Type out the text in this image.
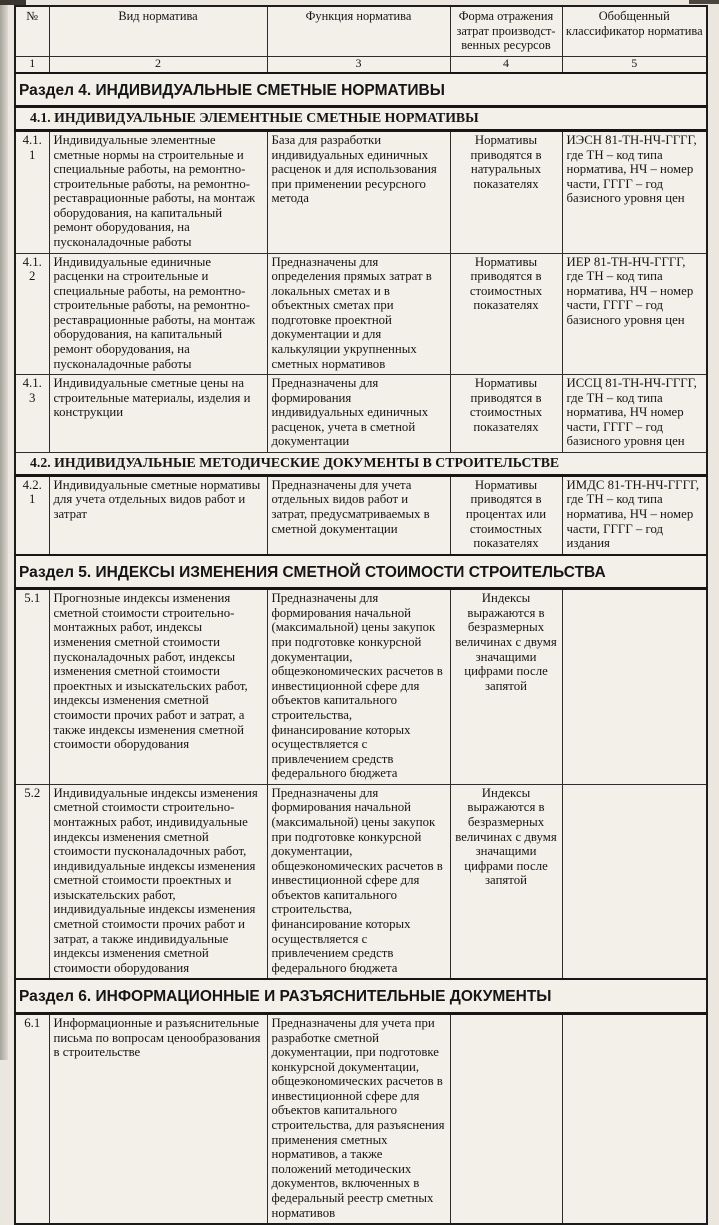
№	Вид норматива	Функция норматива	Форма отражения затрат производст-венных ресурсов	Обобщенный классификатор норматива
1	2	3	4	5
Раздел 4. ИНДИВИДУАЛЬНЫЕ СМЕТНЫЕ НОРМАТИВЫ				
4.1. ИНДИВИДУАЛЬНЫЕ ЭЛЕМЕНТНЫЕ СМЕТНЫЕ НОРМАТИВЫ				
4.1.1	Индивидуальные элементные сметные нормы на строительные и специальные работы, на ремонтно-строительные работы, на ремонтно-реставрационные работы, на монтаж оборудования, на капитальный ремонт оборудования, на пусконаладочные работы	База для разработки индивидуальных единичных расценок и для использования при применении ресурсного метода	Нормативы приводятся в натуральных показателях	ИЭСН 81-ТН-НЧ-ГГГГ, где ТН – код типа норматива, НЧ – номер части, ГГГГ – год базисного уровня цен
4.1.2	Индивидуальные единичные расценки на строительные и специальные работы, на ремонтно-строительные работы, на ремонтно-реставрационные работы, на монтаж оборудования, на капитальный ремонт оборудования, на пусконаладочные работы	Предназначены для определения прямых затрат в локальных сметах и в объектных сметах при подготовке проектной документации и для калькуляции укрупненных сметных нормативов	Нормативы приводятся в стоимостных показателях	ИЕР 81-ТН-НЧ-ГГГГ, где ТН – код типа норматива, НЧ – номер части, ГГГГ – год базисного уровня цен
4.1.3	Индивидуальные сметные цены на строительные материалы, изделия и конструкции	Предназначены для формирования индивидуальных единичных расценок, учета в сметной документации	Нормативы приводятся в стоимостных показателях	ИССЦ 81-ТН-НЧ-ГГГГ, где ТН – код типа норматива, НЧ номер части, ГГГГ – год базисного уровня цен
4.2. ИНДИВИДУАЛЬНЫЕ МЕТОДИЧЕСКИЕ ДОКУМЕНТЫ В СТРОИТЕЛЬСТВЕ				
4.2.1	Индивидуальные сметные нормативы для учета отдельных видов работ и затрат	Предназначены для учета отдельных видов работ и затрат, предусматриваемых в сметной документации	Нормативы приводятся в процентах или стоимостных показателях	ИМДС 81-ТН-НЧ-ГГГГ, где ТН – код типа норматива, НЧ – номер части, ГГГГ – год издания
Раздел 5. ИНДЕКСЫ ИЗМЕНЕНИЯ СМЕТНОЙ СТОИМОСТИ СТРОИТЕЛЬСТВА				
5.1	Прогнозные индексы изменения сметной стоимости строительно-монтажных работ, индексы изменения сметной стоимости пусконаладочных работ, индексы изменения сметной стоимости проектных и изыскательских работ, индексы изменения сметной стоимости прочих работ и затрат, а также индексы изменения сметной стоимости оборудования	Предназначены для формирования начальной (максимальной) цены закупок при подготовке конкурсной документации, общеэкономических расчетов в инвестиционной сфере для объектов капитального строительства, финансирование которых осуществляется с привлечением средств федерального бюджета	Индексы выражаются в безразмерных величинах с двумя значащими цифрами после запятой	
5.2	Индивидуальные индексы изменения сметной стоимости строительно-монтажных работ, индивидуальные индексы изменения сметной стоимости пусконаладочных работ, индивидуальные индексы изменения сметной стоимости проектных и изыскательских работ, индивидуальные индексы изменения сметной стоимости прочих работ и затрат, а также индивидуальные индексы изменения сметной стоимости оборудования	Предназначены для формирования начальной (максимальной) цены закупок при подготовке конкурсной документации, общеэкономических расчетов в инвестиционной сфере для объектов капитального строительства, финансирование которых осуществляется с привлечением средств федерального бюджета	Индексы выражаются в безразмерных величинах с двумя значащими цифрами после запятой	
Раздел 6. ИНФОРМАЦИОННЫЕ И РАЗЪЯСНИТЕЛЬНЫЕ ДОКУМЕНТЫ				
6.1	Информационные и разъяснительные письма по вопросам ценообразования в строительстве	Предназначены для учета при разработке сметной документации, при подготовке конкурсной документации, общеэкономических расчетов в инвестиционной сфере для объектов капитального строительства, для разъяснения применения сметных нормативов, а также положений методических документов, включенных в федеральный реестр сметных нормативов		
